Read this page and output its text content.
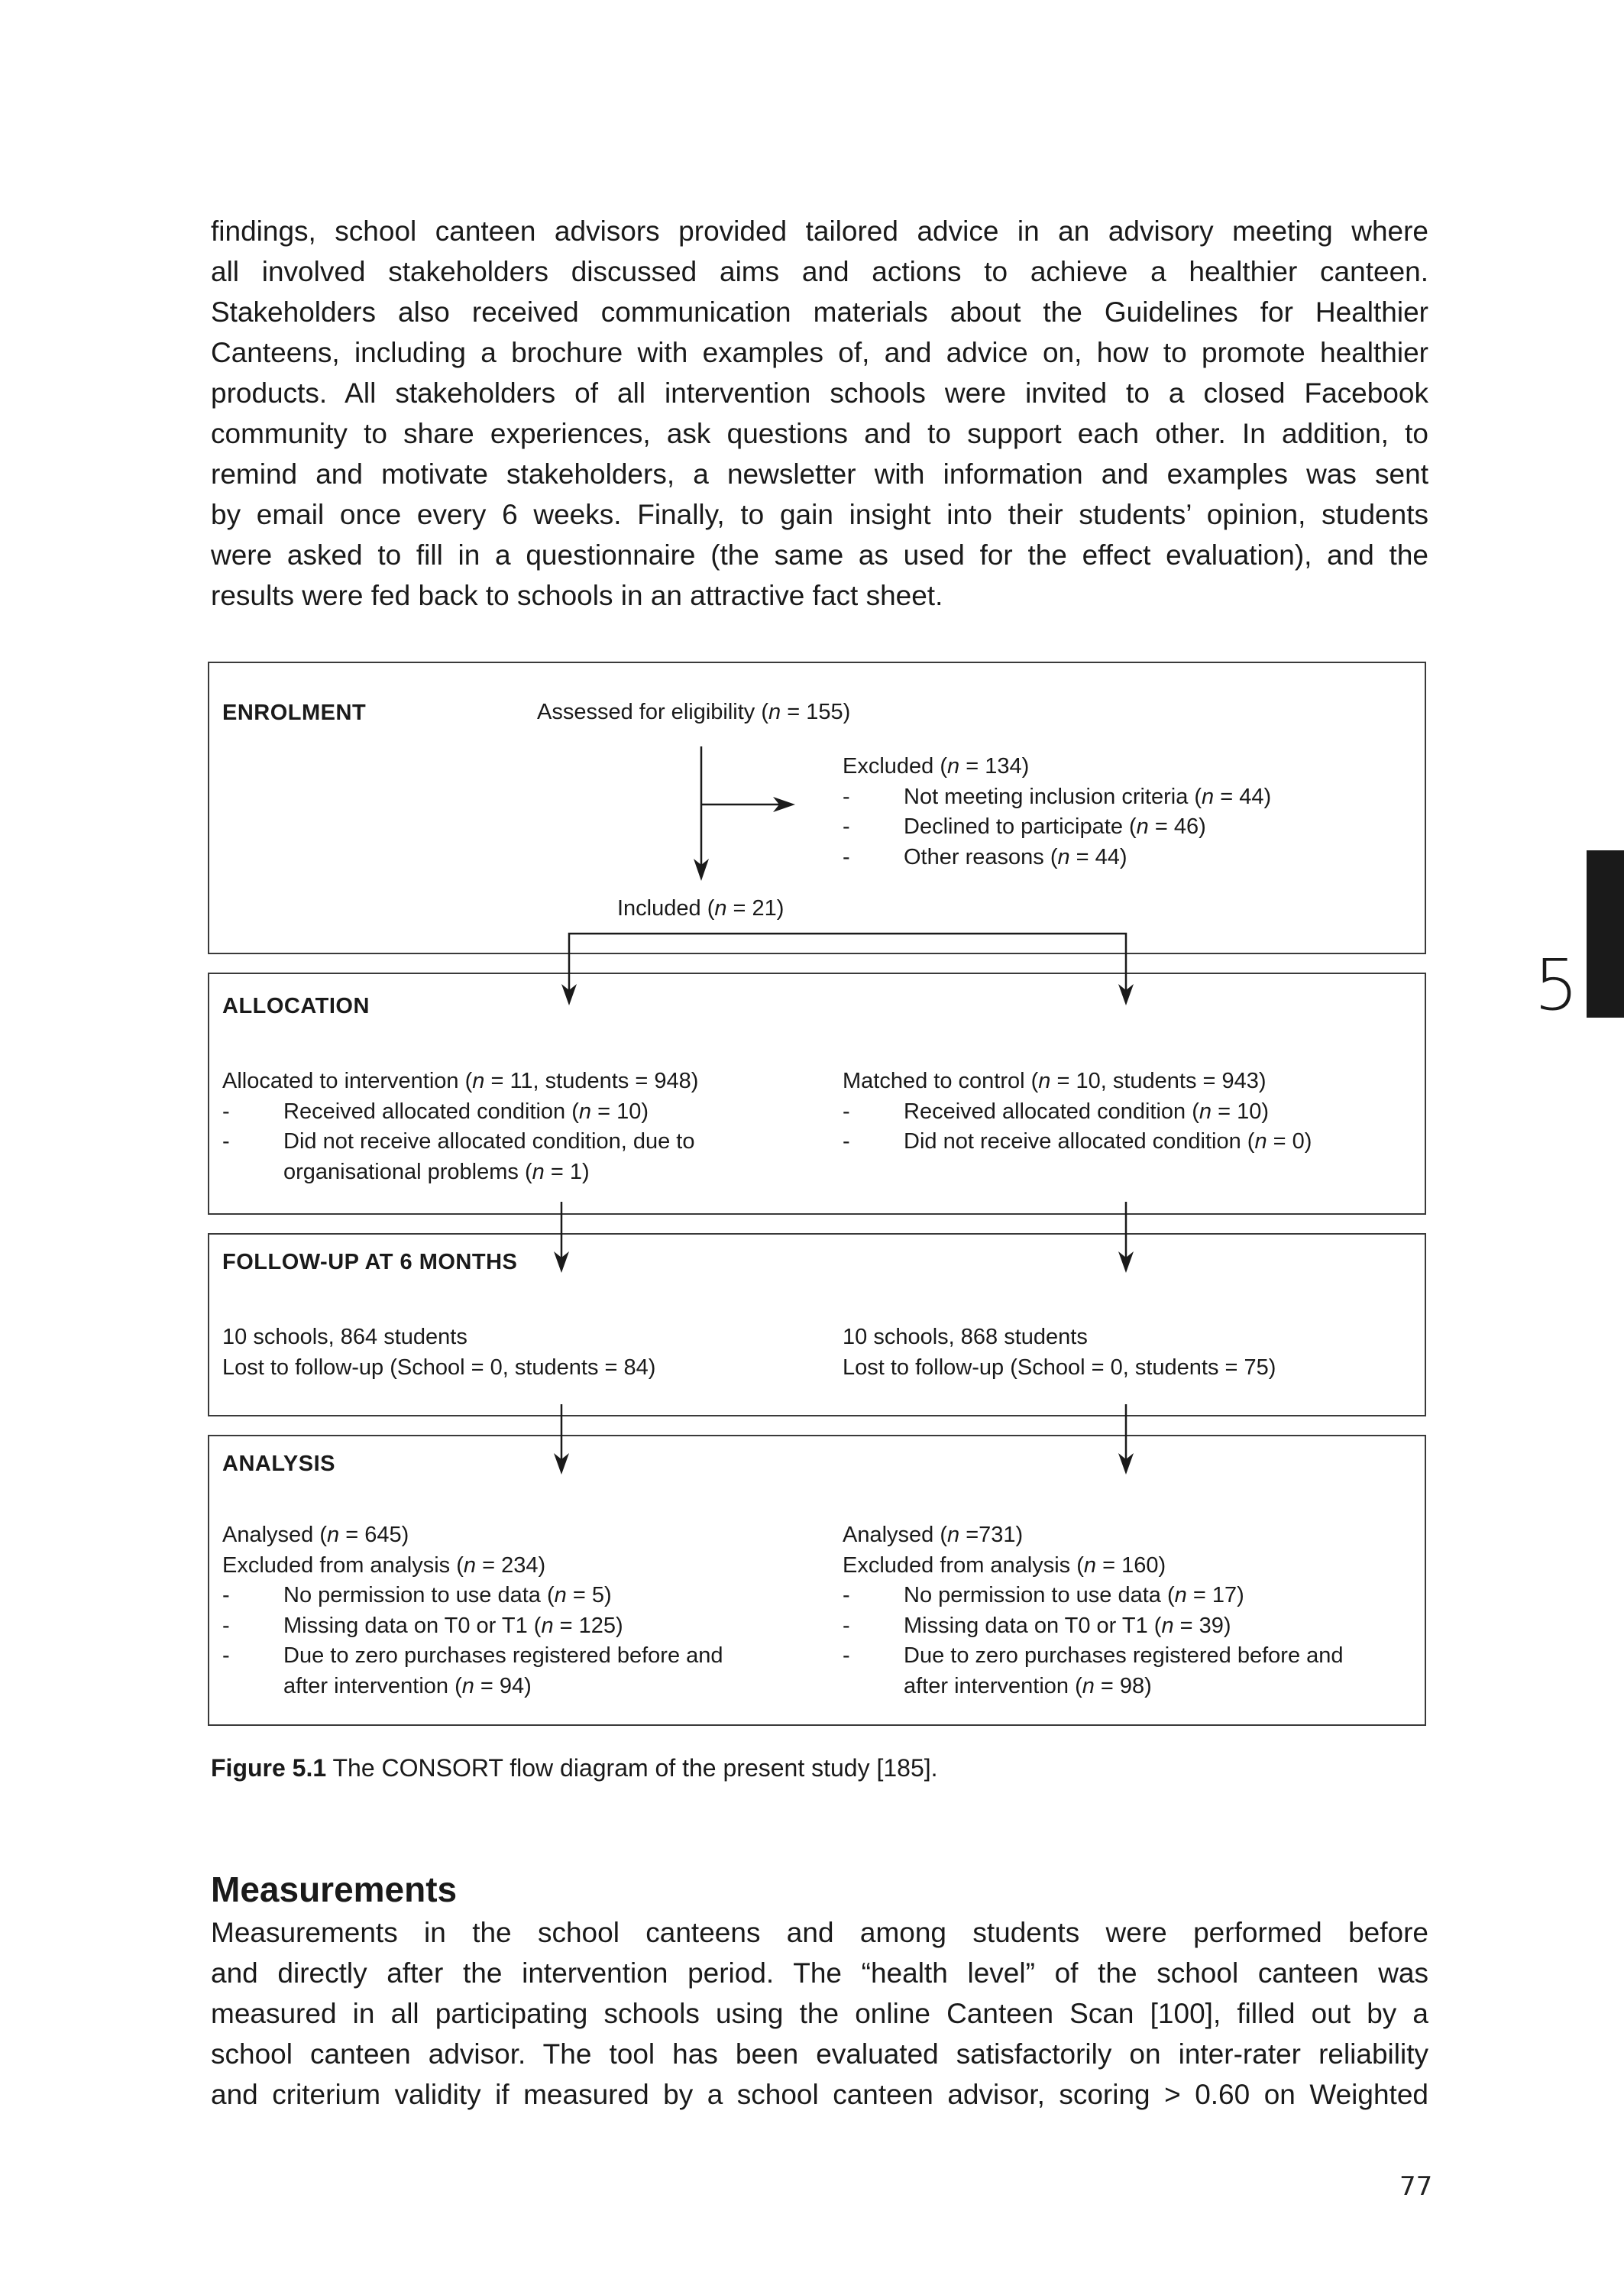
findings, school canteen advisors provided tailored advice in an advisory meeting where
all involved stakeholders discussed aims and actions to achieve a healthier canteen.
Stakeholders also received communication materials about the Guidelines for Healthier
Canteens, including a brochure with examples of, and advice on, how to promote healthier
products. All stakeholders of all intervention schools were invited to a closed Facebook
community to share experiences, ask questions and to support each other. In addition, to
remind and motivate stakeholders, a newsletter with information and examples was sent
by email once every 6 weeks. Finally, to gain insight into their students’ opinion, students
were asked to fill in a questionnaire (the same as used for the effect evaluation), and the
results were fed back to schools in an attractive fact sheet.
ENROLMENT	Assessed for eligibility (n = 155)
Excluded (n = 134)
- Not meeting inclusion criteria (n = 44)
- Declined to participate (n = 46)
- Other reasons (n = 44)
Included (n = 21)
ALLOCATION
Allocated to intervention (n = 11, students = 948)
- Received allocated condition (n = 10)
- Did not receive allocated condition, due to
organisational problems (n = 1)
Matched to control (n = 10, students = 943)
- Received allocated condition (n = 10)
- Did not receive allocated condition (n = 0)
FOLLOW-UP AT 6 MONTHS
10 schools, 864 students
Lost to follow-up (School = 0, students = 84)
10 schools, 868 students
Lost to follow-up (School = 0, students = 75)
ANALYSIS
Analysed (n = 645)
Excluded from analysis (n = 234)
- No permission to use data (n = 5)
- Missing data on T0 or T1 (n = 125)
- Due to zero purchases registered before and
after intervention (n = 94)
Analysed (n =731)
Excluded from analysis (n = 160)
- No permission to use data (n = 17)
- Missing data on T0 or T1 (n = 39)
- Due to zero purchases registered before and
after intervention (n = 98)
Figure 5.1 The CONSORT flow diagram of the present study [185].
Measurements
Measurements in the school canteens and among students were performed before
and directly after the intervention period. The “health level” of the school canteen was
measured in all participating schools using the online Canteen Scan [100], filled out by a
school canteen advisor. The tool has been evaluated satisfactorily on inter-rater reliability
and criterium validity if measured by a school canteen advisor, scoring > 0.60 on Weighted
77
5
